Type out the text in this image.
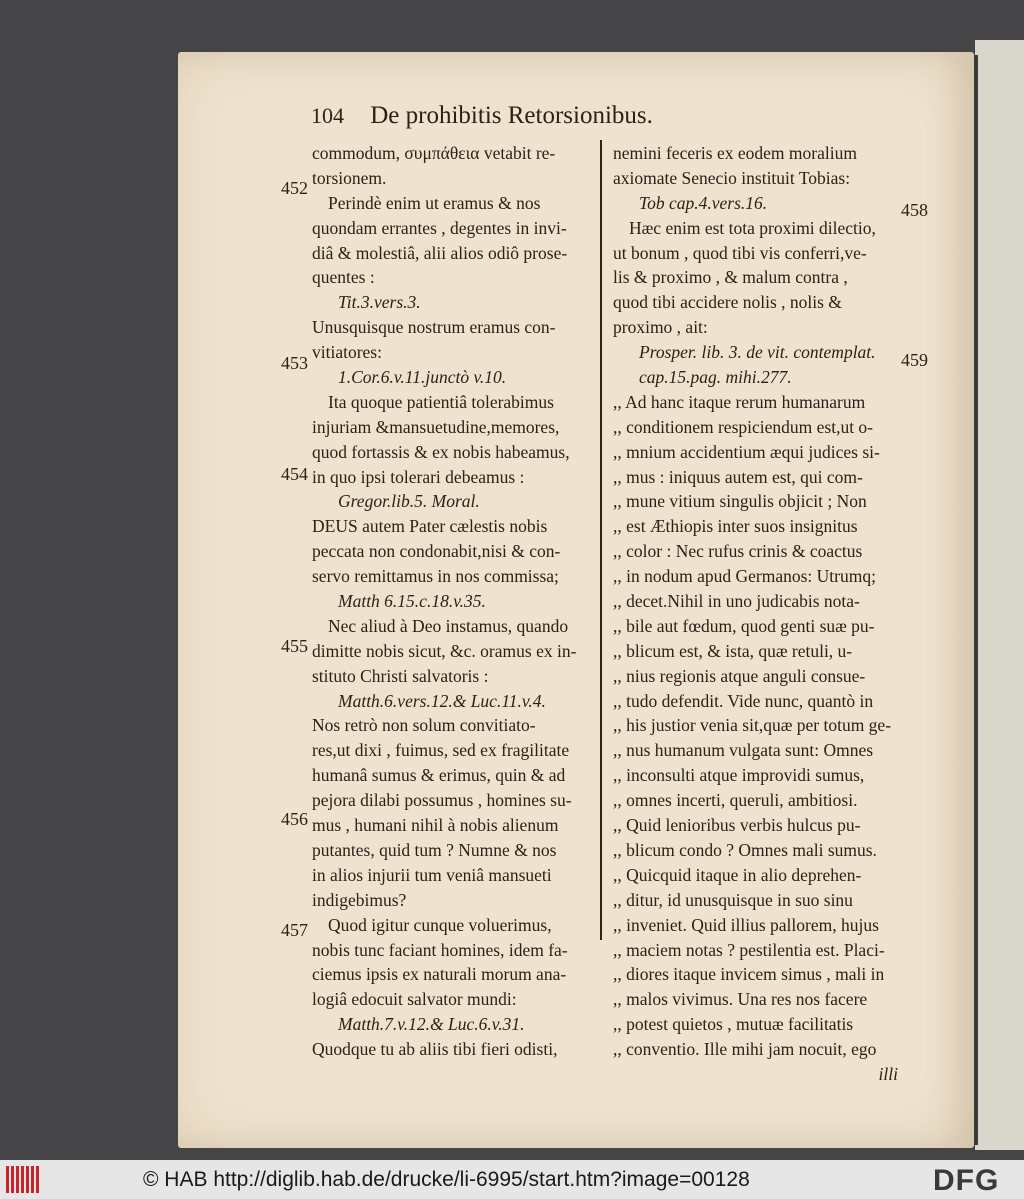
104 De prohibitis Retorsionibus.
commodum, συμπάθεια vetabit re-
torsionem.
Perindè enim ut eramus & nos
quondam errantes , degentes in invi-
diâ & molestiâ, alii alios odiô prose-
quentes :
Tit.3.vers.3.
Unusquisque nostrum eramus con-
vitiatores:
1.Cor.6.v.11.junctò v.10.
Ita quoque patientiâ tolerabimus
injuriam &mansuetudine,memores,
quod fortassis & ex nobis habeamus,
in quo ipsi tolerari debeamus :
Gregor.lib.5. Moral.
DEUS autem Pater cælestis nobis
peccata non condonabit,nisi & con-
servo remittamus in nos commissa;
Matth 6.15.c.18.v.35.
Nec aliud à Deo instamus, quando
dimitte nobis sicut, &c. oramus ex in-
stituto Christi salvatoris :
Matth.6.vers.12.& Luc.11.v.4.
Nos retrò non solum convitiato-
res,ut dixi , fuimus, sed ex fragilitate
humanâ sumus & erimus, quin & ad
pejora dilabi possumus , homines su-
mus , humani nihil à nobis alienum
putantes, quid tum ? Numne & nos
in alios injurii tum veniâ mansueti
indigebimus?
Quod igitur cunque voluerimus,
nobis tunc faciant homines, idem fa-
ciemus ipsis ex naturali morum ana-
logiâ edocuit salvator mundi:
Matth.7.v.12.& Luc.6.v.31.
Quodque tu ab aliis tibi fieri odisti,
nemini feceris ex eodem moralium
axiomate Senecio instituit Tobias:
Tob cap.4.vers.16.
Hæc enim est tota proximi dilectio,
ut bonum , quod tibi vis conferri,ve-
lis & proximo , & malum contra ,
quod tibi accidere nolis , nolis &
proximo , ait:
Prosper. lib. 3. de vit. contemplat.
cap.15.pag. mihi.277.
,, Ad hanc itaque rerum humanarum
,, conditionem respiciendum est,ut o-
,, mnium accidentium æqui judices si-
,, mus : iniquus autem est, qui com-
,, mune vitium singulis objicit ; Non
,, est Æthiopis inter suos insignitus
,, color : Nec rufus crinis & coactus
,, in nodum apud Germanos: Utrumq;
,, decet.Nihil in uno judicabis nota-
,, bile aut fœdum, quod genti suæ pu-
,, blicum est, & ista, quæ retuli, u-
,, nius regionis atque anguli consue-
,, tudo defendit. Vide nunc, quantò in
,, his justior venia sit,quæ per totum ge-
,, nus humanum vulgata sunt: Omnes
,, inconsulti atque improvidi sumus,
,, omnes incerti, queruli, ambitiosi.
,, Quid lenioribus verbis hulcus pu-
,, blicum condo ? Omnes mali sumus.
,, Quicquid itaque in alio deprehen-
,, ditur, id unusquisque in suo sinu
,, inveniet. Quid illius pallorem, hujus
,, maciem notas ? pestilentia est. Placi-
,, diores itaque invicem simus , mali in
,, malos vivimus. Una res nos facere
,, potest quietos , mutuæ facilitatis
,, conventio. Ille mihi jam nocuit, ego
illi
452
453
454
455
456
457
458
459
© HAB http://diglib.hab.de/drucke/li-6995/start.htm?image=00128	DFG
